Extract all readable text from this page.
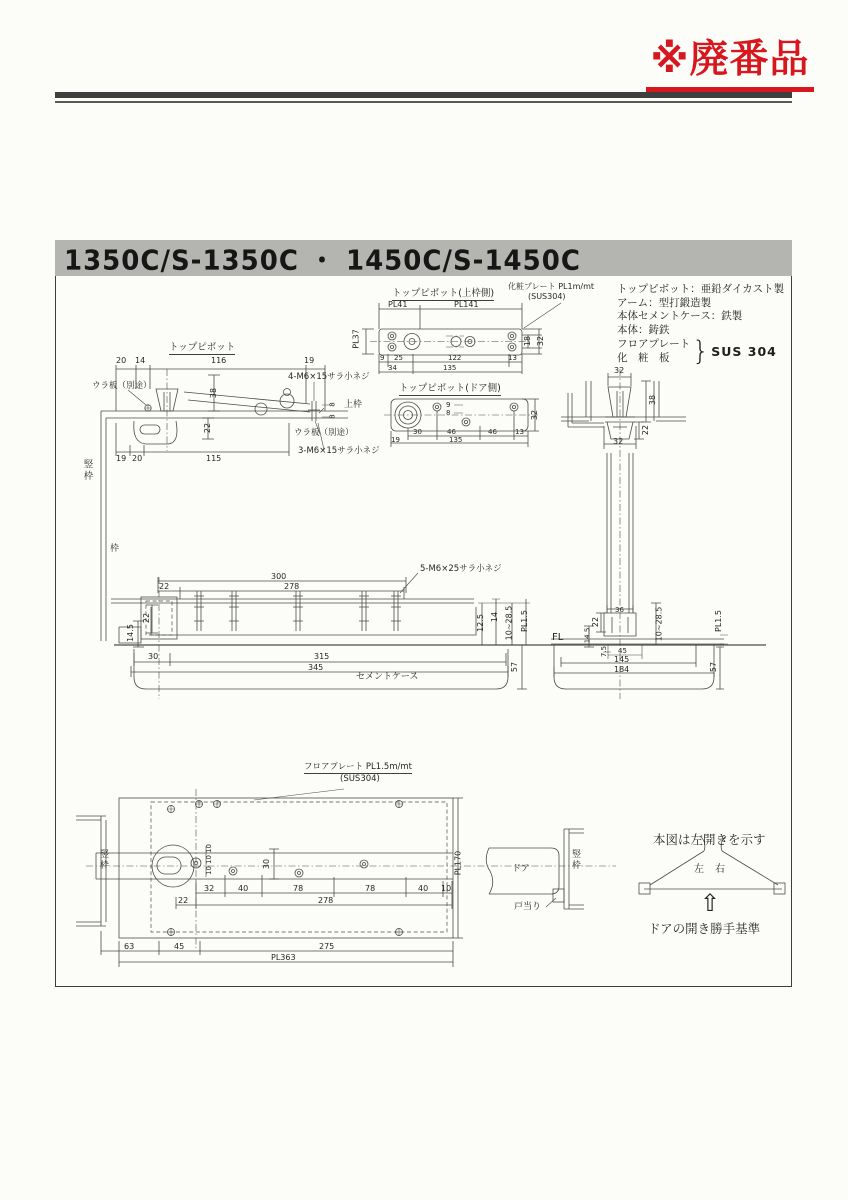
※廃番品
1350C/S-1350C ・ 1450C/S-1450C
トップピボット：亜鉛ダイカスト製
アーム：型打鍛造製
本体セメントケース：鉄製
本体：鋳鉄
フロアプレート
化　粧　板 } SUS 304
トップピボット(上枠側)
化粧プレート PL1m/mt
(SUS304)
PL41	PL141
PL37	18 32
9 25	122	13
34	135
トップピボット(ドア側)
9
8	32
30	46	46	13
19	135
トップピボット
ウラ板（別途）
20 14	116	19
38
22
8
8
上枠
4-M6×15サラ小ネジ
ウラ板（別途）
3-M6×15サラ小ネジ
19 20	115
竪枠
枠
5-M6×25サラ小ネジ
300
278
22
22
14.5
12.5 14 10~28.5 PL1.5
FL
30	315
345	57
セメントケース
32
38
22
32
36
22
14.5	10~28.5	PL1.5
7.5 45
145
184	57
フロアプレート PL1.5m/mt
(SUS304)
竪枠	竪枠
ドア
戸当り
10
10
10
30
32	40	78	78	40 10
22	278
PL170
63	45	275
PL363
本図は左開きを示す
左 右
⇧
ドアの開き勝手基準
